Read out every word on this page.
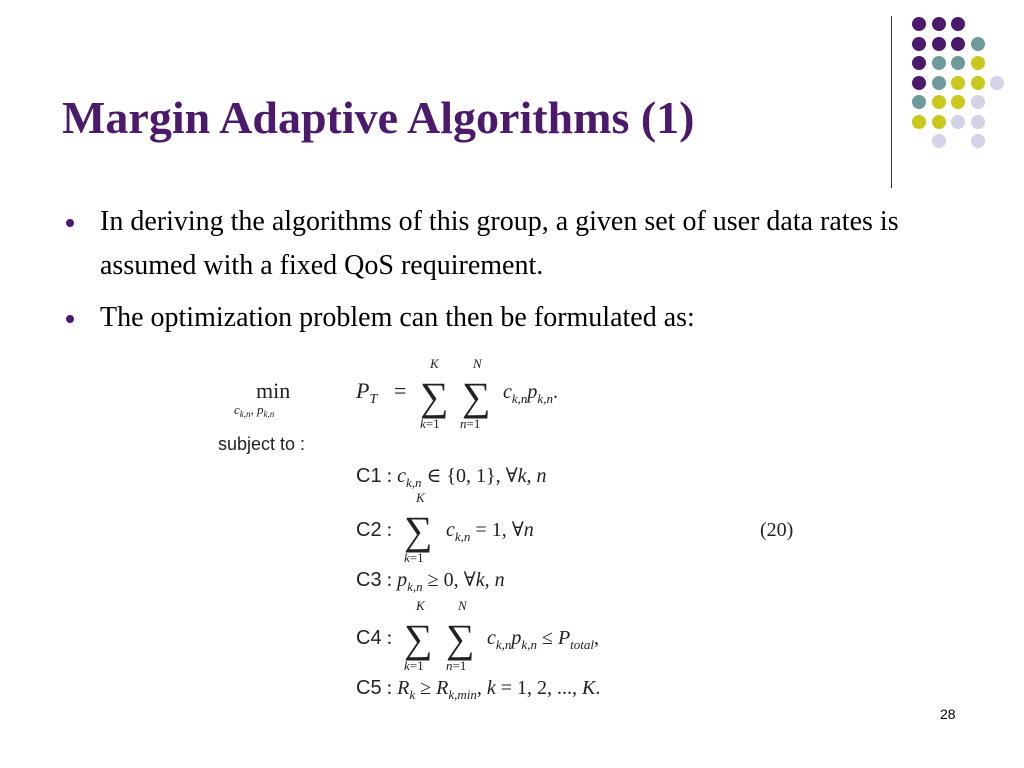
Margin Adaptive Algorithms (1)
In deriving the algorithms of this group, a given set of user data rates is assumed with a fixed QoS requirement.
The optimization problem can then be formulated as:
min
$c_{k,n}$, $p_{k,n}$
$P_T$ =
K
∑
k=1
N
∑
n=1
$c_{k,n}p_{k,n}$.
subject to :
C1 : $c_{k,n}$ ∈ {0, 1}, ∀k, n
K
C2 : ∑
k=1
$c_{k,n} = 1$, ∀n	(20)
C3 : $p_{k,n} \ge 0$, ∀k, n
K	N
C4 : ∑
k=1
∑
n=1
$c_{k,n}p_{k,n} \le P_{total}$,
C5 : $R_k \ge R_{k,min}$, k = 1, 2, ..., K.
28
